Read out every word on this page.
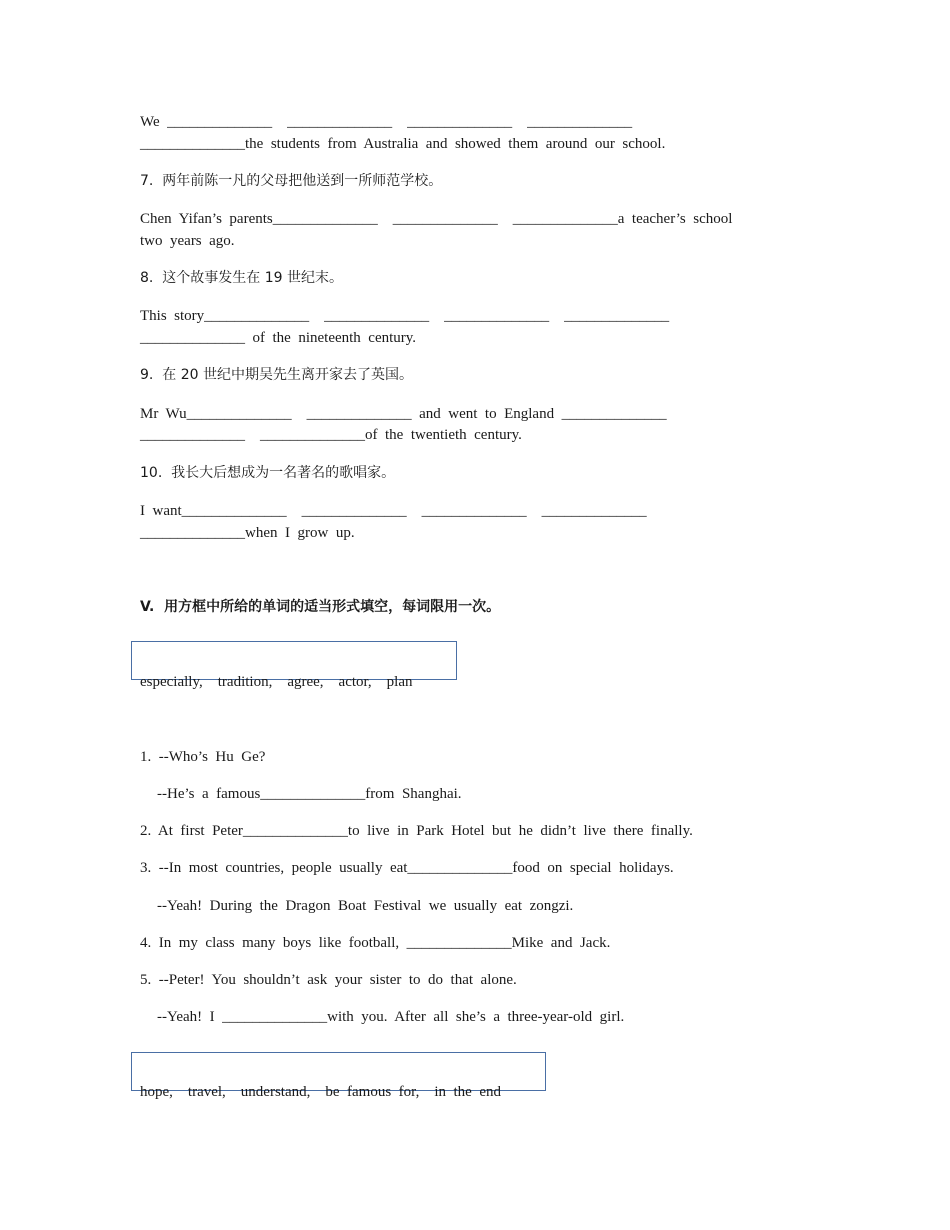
We  ______________    ______________    ______________    ______________
______________the  students  from  Australia  and  showed  them  around  our  school.
7.  两年前陈一凡的父母把他送到一所师范学校。
Chen  Yifan’s  parents______________    ______________    ______________a  teacher’s  school
two  years  ago.
8.  这个故事发生在 19 世纪末。
This  story______________    ______________    ______________    ______________
______________  of  the  nineteenth  century.
9.  在 20 世纪中期吴先生离开家去了英国。
Mr  Wu______________    ______________  and  went  to  England  ______________
______________    ______________of  the  twentieth  century.
10.  我长大后想成为一名著名的歌唱家。
I  want______________    ______________    ______________    ______________
______________when  I  grow  up.
V.  用方框中所给的单词的适当形式填空，每词限用一次。
especially,    tradition,    agree,    actor,    plan
1.  --Who’s  Hu  Ge?
--He’s  a  famous______________from  Shanghai.
2.  At  first  Peter______________to  live  in  Park  Hotel  but  he  didn’t  live  there  finally.
3.  --In  most  countries,  people  usually  eat______________food  on  special  holidays.
--Yeah!  During  the  Dragon  Boat  Festival  we  usually  eat  zongzi.
4.  In  my  class  many  boys  like  football,  ______________Mike  and  Jack.
5.  --Peter!  You  shouldn’t  ask  your  sister  to  do  that  alone.
--Yeah!  I  ______________with  you.  After  all  she’s  a  three-year-old  girl.
hope,    travel,    understand,    be  famous  for,    in  the  end
